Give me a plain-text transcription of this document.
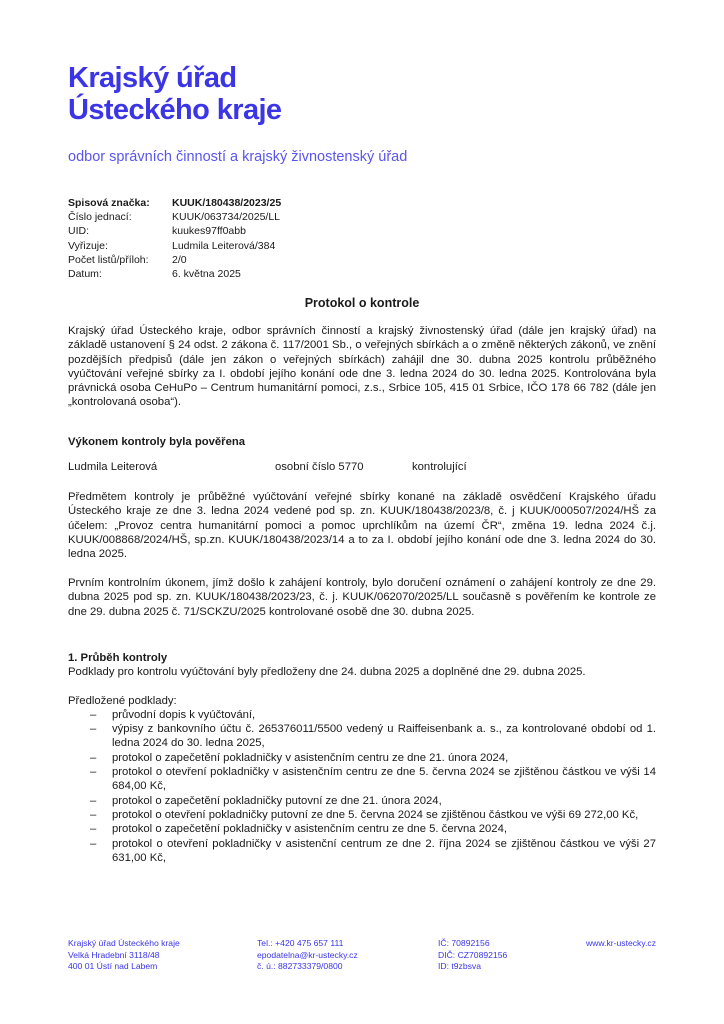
Krajský úřad
Ústeckého kraje
odbor správních činností a krajský živnostenský úřad
Spisová značka:	KUUK/180438/2023/25
Číslo jednací:	KUUK/063734/2025/LL
UID:	kuukes97ff0abb
Vyřizuje:	Ludmila Leiterová/384
Počet listů/příloh:	2/0
Datum:	6. května 2025
Protokol o kontrole
Krajský úřad Ústeckého kraje, odbor správních činností a krajský živnostenský úřad (dále jen krajský úřad) na základě ustanovení § 24 odst. 2 zákona č. 117/2001 Sb., o veřejných sbírkách a o změně některých zákonů, ve znění pozdějších předpisů (dále jen zákon o veřejných sbírkách) zahájil dne 30. dubna 2025 kontrolu průběžného vyúčtování veřejné sbírky za I. období jejího konání ode dne 3. ledna 2024 do 30. ledna 2025. Kontrolována byla právnická osoba CeHuPo – Centrum humanitární pomoci, z.s., Srbice 105, 415 01 Srbice, IČO 178 66 782 (dále jen „kontrolovaná osoba“).
Výkonem kontroly byla pověřena
Ludmila Leiterová	osobní číslo 5770	kontrolující
Předmětem kontroly je průběžné vyúčtování veřejné sbírky konané na základě osvědčení Krajského úřadu Ústeckého kraje ze dne 3. ledna 2024 vedené pod sp. zn. KUUK/180438/2023/8, č. j KUUK/000507/2024/HŠ za účelem: „Provoz centra humanitární pomoci a pomoc uprchlíkům na území ČR“, změna 19. ledna 2024 č.j. KUUK/008868/2024/HŠ, sp.zn. KUUK/180438/2023/14 a to za I. období jejího konání ode dne 3. ledna 2024 do 30. ledna 2025.
Prvním kontrolním úkonem, jímž došlo k zahájení kontroly, bylo doručení oznámení o zahájení kontroly ze dne 29. dubna 2025 pod sp. zn. KUUK/180438/2023/23, č. j. KUUK/062070/2025/LL současně s pověřením ke kontrole ze dne 29. dubna 2025 č. 71/SCKZU/2025 kontrolované osobě dne 30. dubna 2025.
1. Průběh kontroly
Podklady pro kontrolu vyúčtování byly předloženy dne 24. dubna 2025 a doplněné dne 29. dubna 2025.
Předložené podklady:
– průvodní dopis k vyúčtování,
– výpisy z bankovního účtu č. 265376011/5500 vedený u Raiffeisenbank a. s., za kontrolované období od 1. ledna 2024 do 30. ledna 2025,
– protokol o zapečetění pokladničky v asistenčním centru ze dne 21. února 2024,
– protokol o otevření pokladničky v asistenčním centru ze dne 5. června 2024 se zjištěnou částkou ve výši 14 684,00 Kč,
– protokol o zapečetění pokladničky putovní ze dne 21. února 2024,
– protokol o otevření pokladničky putovní ze dne 5. června 2024 se zjištěnou částkou ve výši 69 272,00 Kč,
– protokol o zapečetění pokladničky v asistenčním centru ze dne 5. června 2024,
– protokol o otevření pokladničky v asistenční centrum ze dne 2. října 2024 se zjištěnou částkou ve výši 27 631,00 Kč,
Krajský úřad Ústeckého kraje
Velká Hradební 3118/48
400 01 Ústí nad Labem
Tel.: +420 475 657 111
epodatelna@kr-ustecky.cz
č. ú.: 882733379/0800
IČ: 70892156
DIČ: CZ70892156
ID: t9zbsva
www.kr-ustecky.cz
